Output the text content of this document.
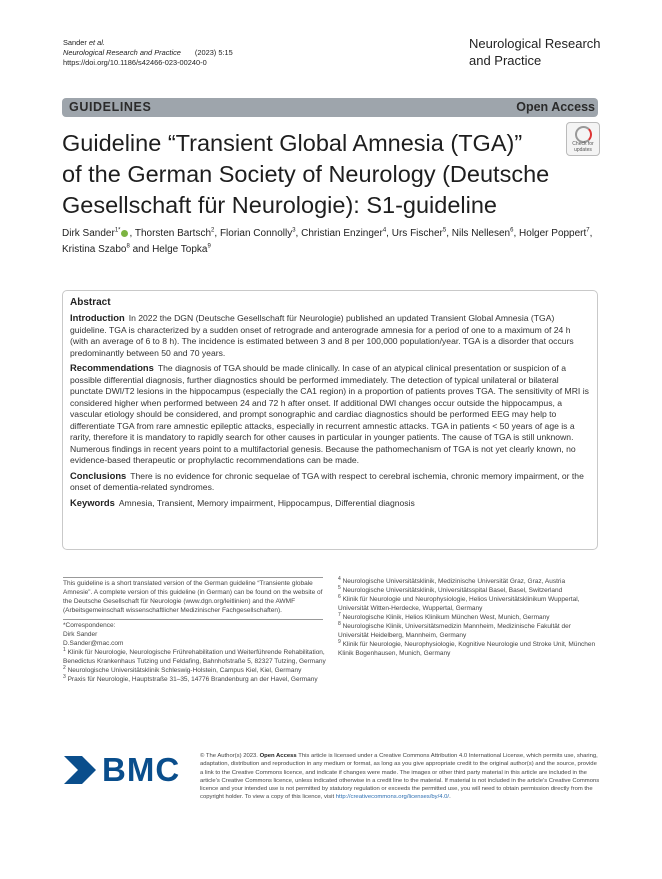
Sander et al.
Neurological Research and Practice (2023) 5:15
https://doi.org/10.1186/s42466-023-00240-0
Neurological Research
and Practice
GUIDELINES	Open Access
Guideline “Transient Global Amnesia (TGA)”
of the German Society of Neurology (Deutsche
Gesellschaft für Neurologie): S1-guideline
Check for
updates
Dirk Sander$^{1*}$ , Thorsten Bartsch$^2$, Florian Connolly$^3$, Christian Enzinger$^4$, Urs Fischer$^5$, Nils Nellesen$^6$, Holger Poppert$^7$, Kristina Szabo$^8$ and Helge Topka$^9$
Abstract

Introduction In 2022 the DGN (Deutsche Gesellschaft für Neurologie) published an updated Transient Global Amnesia (TGA) guideline. TGA is characterized by a sudden onset of retrograde and anterograde amnesia for a period of one to a maximum of 24 h (with an average of 6 to 8 h). The incidence is estimated between 3 and 8 per 100,000 population/year. TGA is a disorder that occurs predominantly between 50 and 70 years.

Recommendations The diagnosis of TGA should be made clinically. In case of an atypical clinical presentation or suspicion of a possible differential diagnosis, further diagnostics should be performed immediately. The detection of typical unilateral or bilateral punctate DWI/T2 lesions in the hippocampus (especially the CA1 region) in a proportion of patients proves TGA. The sensitivity of MRI is considered higher when performed between 24 and 72 h after onset. If additional DWI changes occur outside the hippocampus, a vascular etiology should be considered, and prompt sonographic and cardiac diagnostics should be performed EEG may help to differentiate TGA from rare amnestic epileptic attacks, especially in recurrent amnestic attacks. TGA in patients < 50 years of age is a rarity, therefore it is mandatory to rapidly search for other causes in particular in younger patients. The cause of TGA is still unknown. Numerous findings in recent years point to a multifactorial genesis. Because the pathomechanism of TGA is not yet clearly known, no evidence-based therapeutic or prophylactic recommendations can be made.

Conclusions There is no evidence for chronic sequelae of TGA with respect to cerebral ischemia, chronic memory impairment, or the onset of dementia-related syndromes.

Keywords Amnesia, Transient, Memory impairment, Hippocampus, Differential diagnosis

This guideline is a short translated version of the German guideline “Transiente globale Amnesie”. A complete version of this guideline (in German) can be found on the website of the Deutsche Gesellschaft für Neurologie (www.dgn.org/leitlinien) and the AWMF (Arbeitsgemeinschaft wissenschaftlicher Medizinischer Fachgesellschaften).
*Correspondence:
Dirk Sander
D.Sander@mac.com
$^1$ Klinik für Neurologie, Neurologische Frührehabilitation und Weiterführende Rehabilitation, Benedictus Krankenhaus Tutzing und Feldafing, Bahnhofstraße 5, 82327 Tutzing, Germany
$^2$ Neurologische Universitätsklinik Schleswig-Holstein, Campus Kiel, Kiel, Germany
$^3$ Praxis für Neurologie, Hauptstraße 31–35, 14776 Brandenburg an der Havel, Germany
$^4$ Neurologische Universitätsklinik, Medizinische Universität Graz, Graz, Austria
$^5$ Neurologische Universitätsklinik, Universitätsspital Basel, Basel, Switzerland
$^6$ Klinik für Neurologie und Neurophysiologie, Helios Universitätsklinikum Wuppertal, Universität Witten-Herdecke, Wuppertal, Germany
$^7$ Neurologische Klinik, Helios Klinikum München West, Munich, Germany
$^8$ Neurologische Klinik, Universitätsmedizin Mannheim, Medizinische Fakultät der Universität Heidelberg, Mannheim, Germany
$^9$ Klinik für Neurologie, Neurophysiologie, Kognitive Neurologie und Stroke Unit, München Klinik Bogenhausen, Munich, Germany
BMC	© The Author(s) 2023. Open Access This article is licensed under a Creative Commons Attribution 4.0 International License, which permits use, sharing, adaptation, distribution and reproduction in any medium or format, as long as you give appropriate credit to the original author(s) and the source, provide a link to the Creative Commons licence, and indicate if changes were made. The images or other third party material in this article are included in the article’s Creative Commons licence, unless indicated otherwise in a credit line to the material. If material is not included in the article’s Creative Commons licence and your intended use is not permitted by statutory regulation or exceeds the permitted use, you will need to obtain permission directly from the copyright holder. To view a copy of this licence, visit http://creativecommons.org/licenses/by/4.0/.
